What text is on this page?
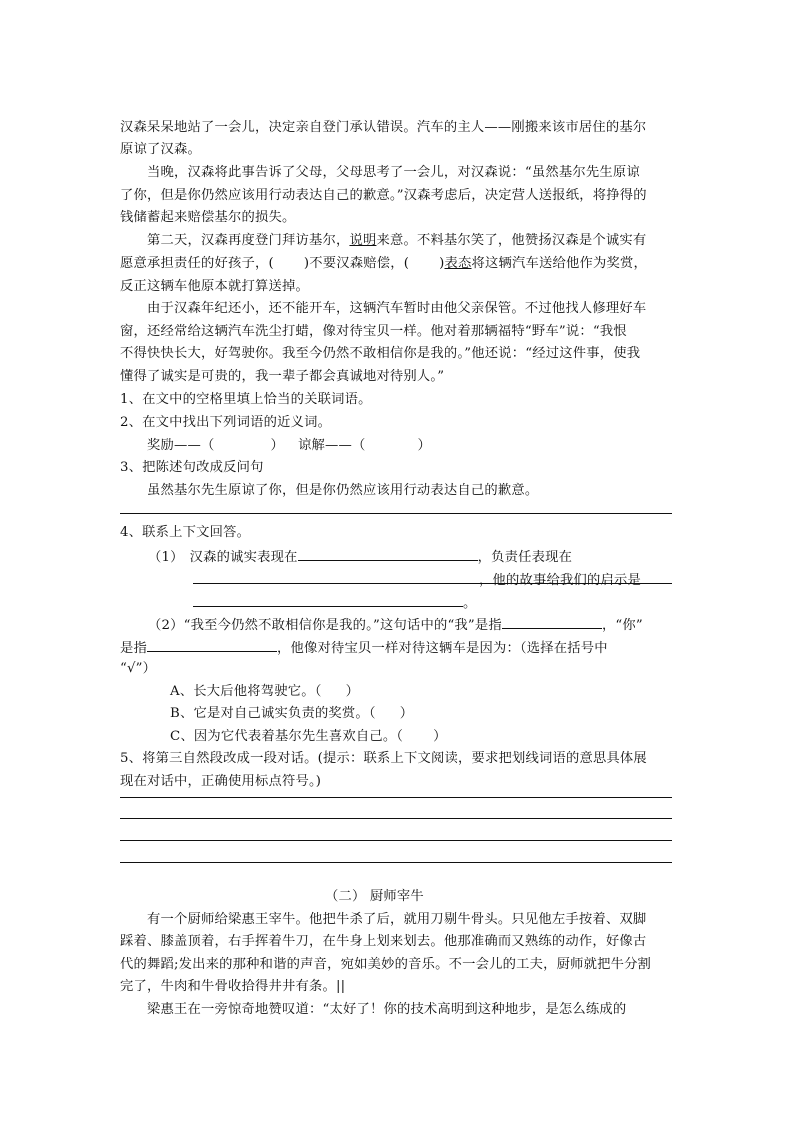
汉森呆呆地站了一会儿，决定亲自登门承认错误。汽车的主人——刚搬来该市居住的基尔
原谅了汉森。
当晚，汉森将此事告诉了父母，父母思考了一会儿，对汉森说：“虽然基尔先生原谅
了你，但是你仍然应该用行动表达自己的歉意。”汉森考虑后，决定营人送报纸，将挣得的
钱储蓄起来赔偿基尔的损失。
第二天，汉森再度登门拜访基尔，说明来意。不料基尔笑了，他赞扬汉森是个诚实有
愿意承担责任的好孩子，( )不要汉森赔偿，( )表态将这辆汽车送给他作为奖赏，
反正这辆车他原本就打算送掉。
由于汉森年纪还小，还不能开车，这辆汽车暂时由他父亲保管。不过他找人修理好车
窗，还经常给这辆汽车洗尘打蜡，像对待宝贝一样。他对着那辆福特“野车”说：“我恨
不得快快长大，好驾驶你。我至今仍然不敢相信你是我的。”他还说：“经过这件事，使我
懂得了诚实是可贵的，我一辈子都会真诚地对待别人。”
1、在文中的空格里填上恰当的关联词语。
2、在文中找出下列词语的近义词。
奖励——（	） 谅解——（	）
3、把陈述句改成反问句
虽然基尔先生原谅了你，但是你仍然应该用行动表达自己的歉意。
4、联系上下文回答。
（1） 汉森的诚实表现在	，负责任表现在
，他的故事给我们的启示是
。
（2）“我至今仍然不敢相信你是我的。”这句话中的“我”是指	，“你”
是指	，他像对待宝贝一样对待这辆车是因为：（选择在括号中
“√”）
A、长大后他将驾驶它。（ ）
B、它是对自己诚实负责的奖赏。（ ）
C、因为它代表着基尔先生喜欢自己。（ ）
5、将第三自然段改成一段对话。(提示：联系上下文阅读，要求把划线词语的意思具体展
现在对话中，正确使用标点符号。)
（二） 厨师宰牛
有一个厨师给梁惠王宰牛。他把牛杀了后，就用刀剔牛骨头。只见他左手按着、双脚
踩着、膝盖顶着，右手挥着牛刀，在牛身上划来划去。他那准确而又熟练的动作，好像古
代的舞蹈;发出来的那种和谐的声音，宛如美妙的音乐。不一会儿的工夫，厨师就把牛分割
完了，牛肉和牛骨收拾得井井有条。||
梁惠王在一旁惊奇地赞叹道：“太好了！你的技术高明到这种地步，是怎么练成的
